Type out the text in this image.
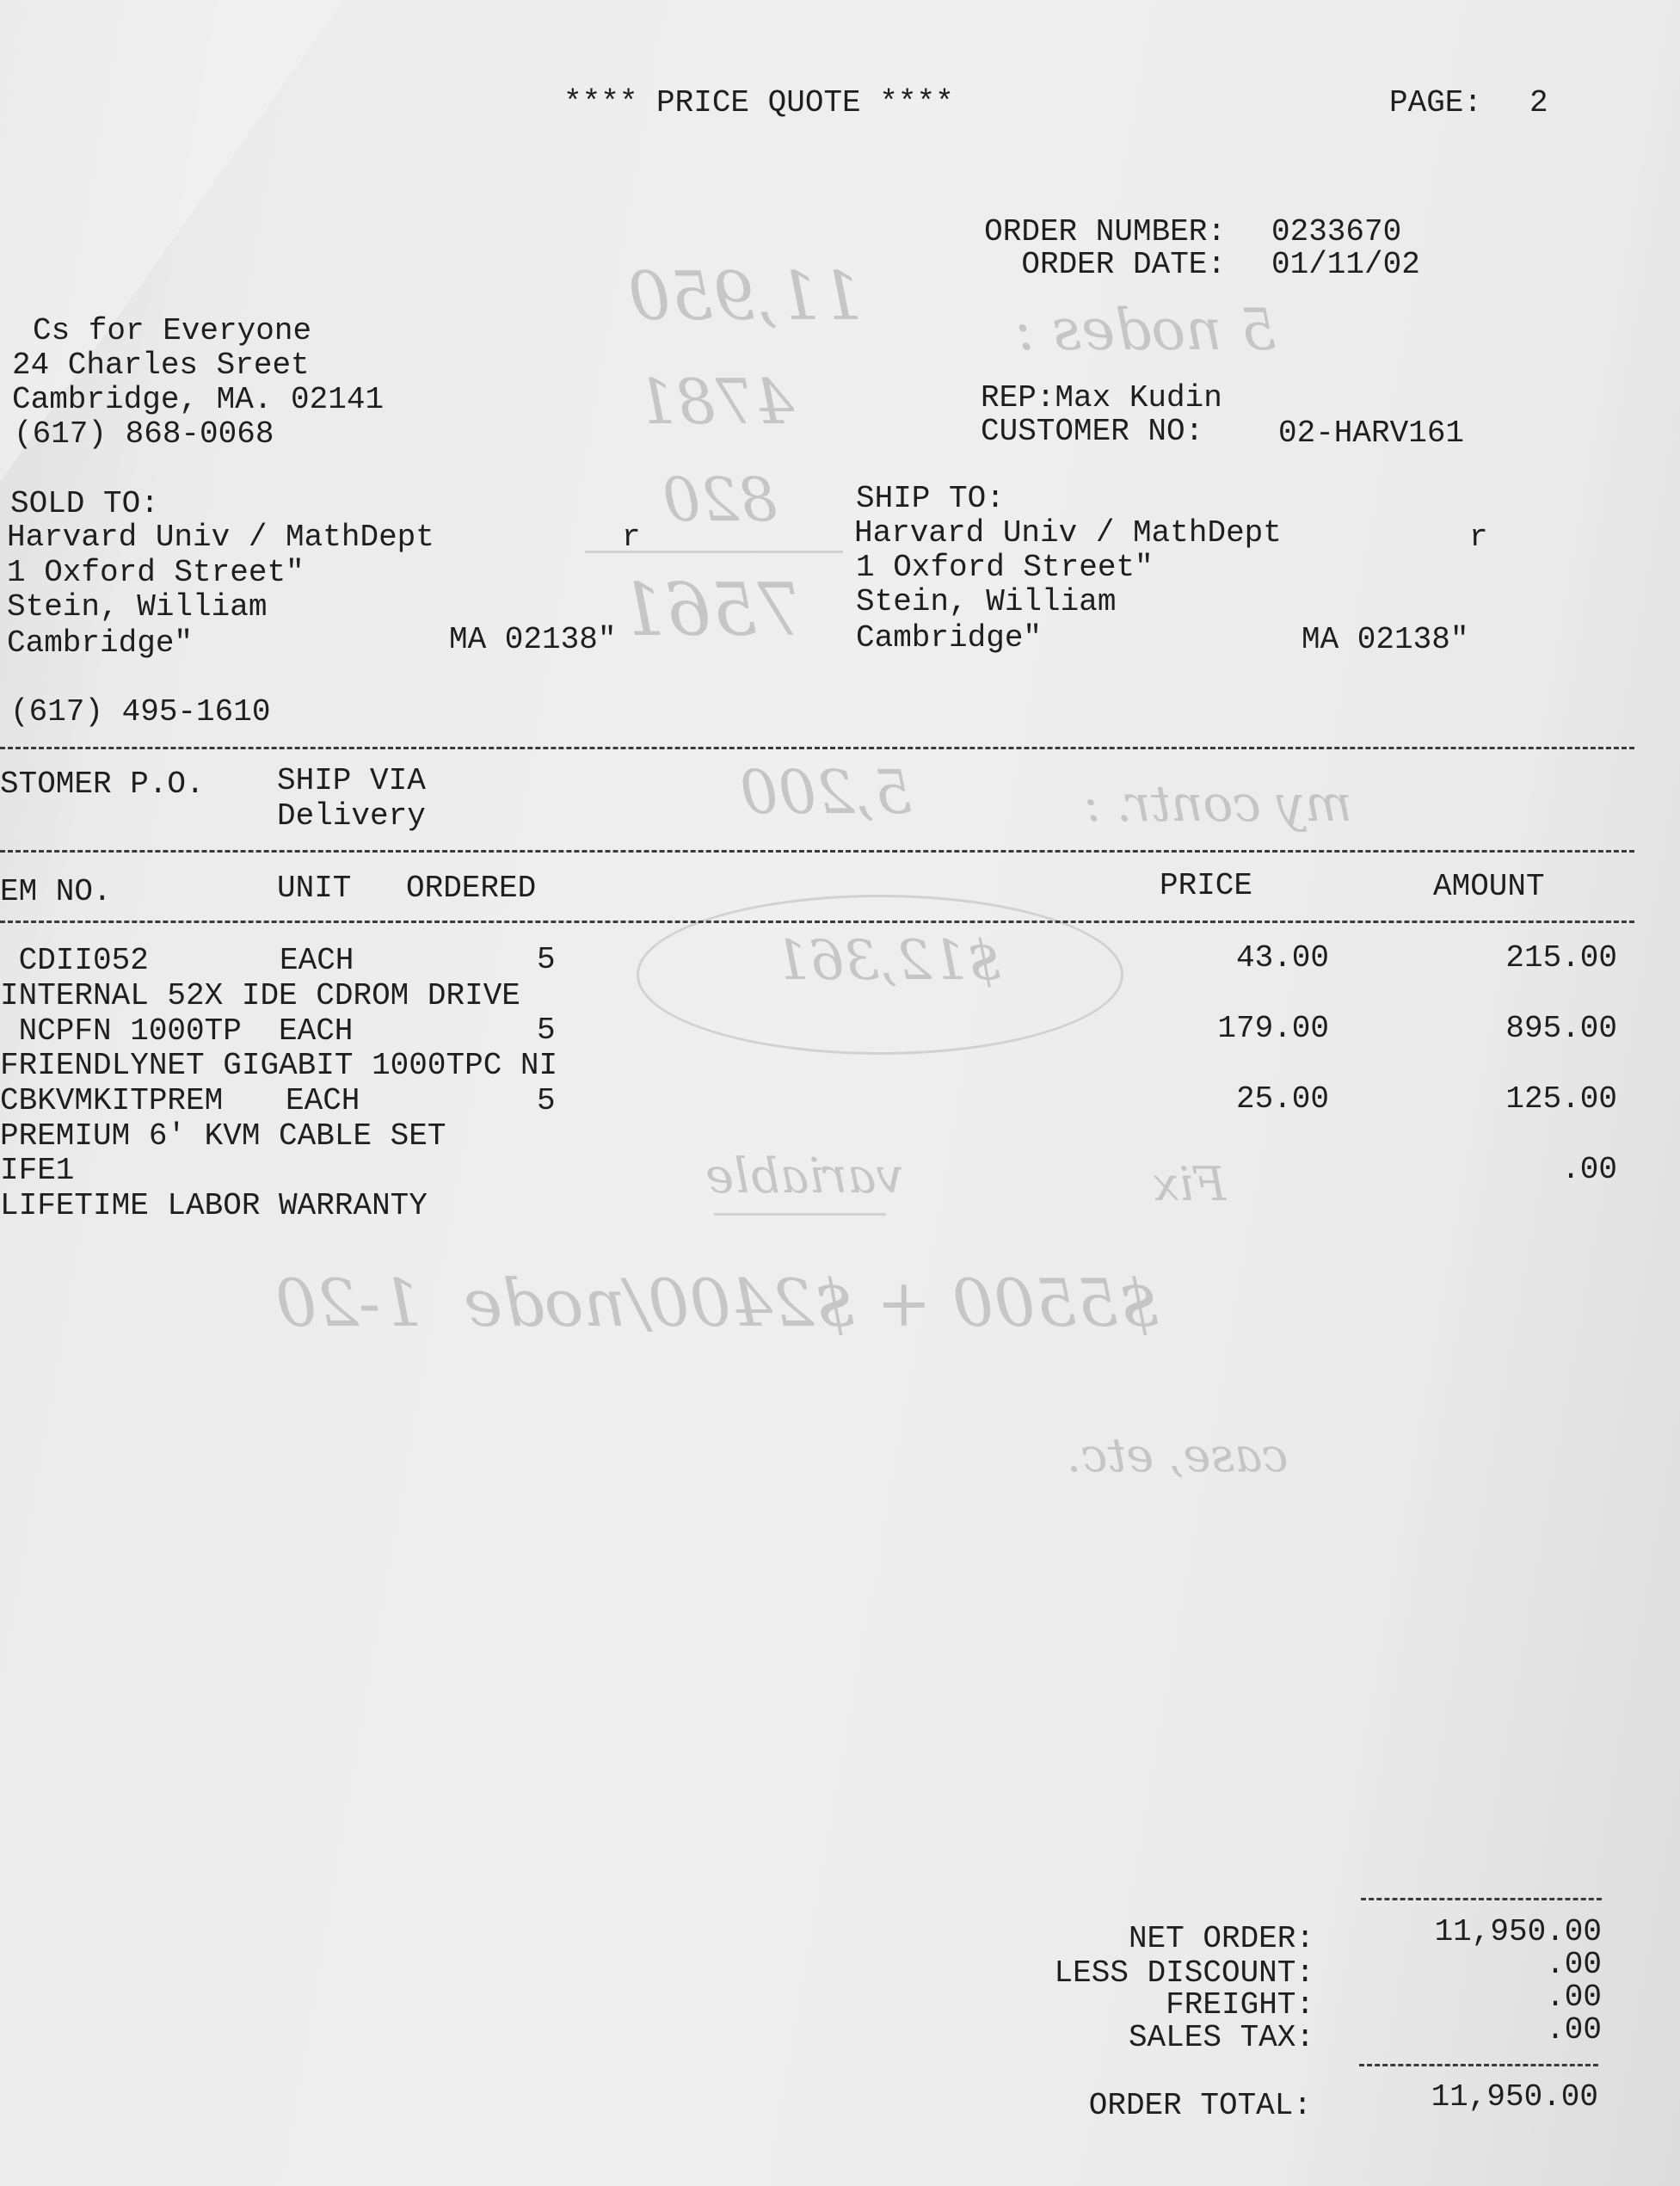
11,950	5 nodes :
4781
820
7561
5,200	my contr. :
$12,361
variable	Fix
$5500 + $2400/node  1-20
case, etc.
**** PRICE QUOTE ****	PAGE: 2
ORDER NUMBER: 0233670
ORDER DATE: 01/11/02
Cs for Everyone
24 Charles Sreet
Cambridge, MA. 02141
(617) 868-0068
REP:Max Kudin
CUSTOMER NO: 02-HARV161
SOLD TO:
Harvard Univ / MathDept	r
1 Oxford Street"
Stein, William
Cambridge"	MA 02138"
(617) 495-1610
SHIP TO:
Harvard Univ / MathDept	r
1 Oxford Street"
Stein, William
Cambridge"	MA 02138"
STOMER P.O. SHIP VIA
Delivery
EM NO.	UNIT ORDERED	PRICE	AMOUNT
CDII052	EACH	5	43.00	215.00
INTERNAL 52X IDE CDROM DRIVE
NCPFN 1000TP EACH	5	179.00	895.00
FRIENDLYNET GIGABIT 1000TPC NI
CBKVMKITPREM EACH	5	25.00	125.00
PREMIUM 6' KVM CABLE SET
IFE1	.00
LIFETIME LABOR WARRANTY
NET ORDER:	11,950.00
LESS DISCOUNT:	.00
FREIGHT:	.00
SALES TAX:	.00
ORDER TOTAL:	11,950.00
